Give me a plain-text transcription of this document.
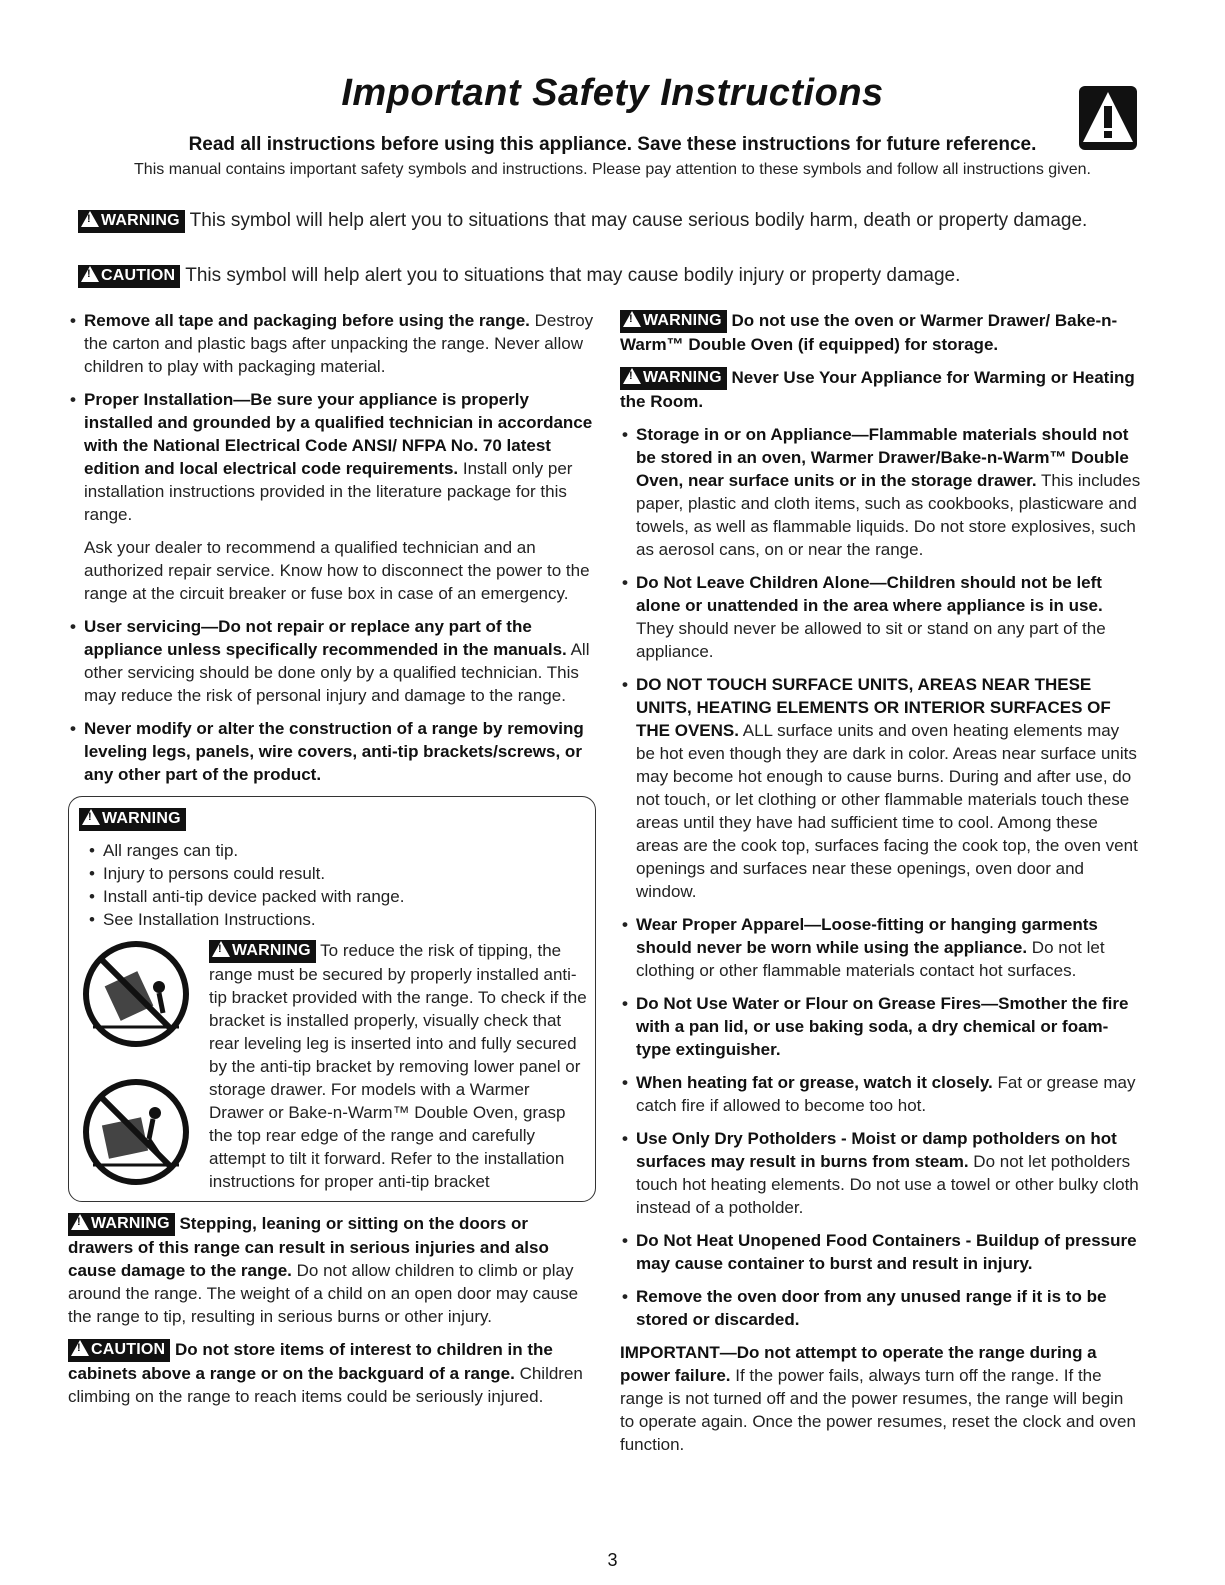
Important Safety Instructions
Read all instructions before using this appliance. Save these instructions for future reference.
This manual contains important safety symbols and instructions. Please pay attention to these symbols and follow all instructions given.
!WARNING This symbol will help alert you to situations that may cause serious bodily harm, death or property damage.
!CAUTION This symbol will help alert you to situations that may cause bodily injury or property damage.
• Remove all tape and packaging before using the range. Destroy the carton and plastic bags after unpacking the range. Never allow children to play with packaging material.
• Proper Installation—Be sure your appliance is properly installed and grounded by a qualified technician in accordance with the National Electrical Code ANSI/ NFPA No. 70 latest edition and local electrical code requirements. Install only per installation instructions provided in the literature package for this range.

Ask your dealer to recommend a qualified technician and an authorized repair service. Know how to disconnect the power to the range at the circuit breaker or fuse box in case of an emergency.

• User servicing—Do not repair or replace any part of the appliance unless specifically recommended in the manuals. All other servicing should be done only by a qualified technician. This may reduce the risk of personal injury and damage to the range.
• Never modify or alter the construction of a range by removing leveling legs, panels, wire covers, anti-tip brackets/screws, or any other part of the product.
!WARNING
• All ranges can tip.
• Injury to persons could result.
• Install anti-tip device packed with range.
• See Installation Instructions.
!WARNING To reduce the risk of tipping, the range must be secured by properly installed anti-tip bracket provided with the range. To check if the bracket is installed properly, visually check that rear leveling leg is inserted into and fully secured by the anti-tip bracket by removing lower panel or storage drawer. For models with a Warmer Drawer or Bake-n-Warm™ Double Oven, grasp the top rear edge of the range and carefully attempt to tilt it forward. Refer to the installation instructions for proper anti-tip bracket

!WARNING Stepping, leaning or sitting on the doors or drawers of this range can result in serious injuries and also cause damage to the range. Do not allow children to climb or play around the range. The weight of a child on an open door may cause the range to tip, resulting in serious burns or other injury.

!CAUTION Do not store items of interest to children in the cabinets above a range or on the backguard of a range. Children climbing on the range to reach items could be seriously injured.

!WARNING Do not use the oven or Warmer Drawer/ Bake-n-Warm™ Double Oven (if equipped) for storage.

!WARNING Never Use Your Appliance for Warming or Heating the Room.

• Storage in or on Appliance—Flammable materials should not be stored in an oven, Warmer Drawer/Bake-n-Warm™ Double Oven, near surface units or in the storage drawer. This includes paper, plastic and cloth items, such as cookbooks, plasticware and towels, as well as flammable liquids. Do not store explosives, such as aerosol cans, on or near the range.
• Do Not Leave Children Alone—Children should not be left alone or unattended in the area where appliance is in use. They should never be allowed to sit or stand on any part of the appliance.
• DO NOT TOUCH SURFACE UNITS, AREAS NEAR THESE UNITS, HEATING ELEMENTS OR INTERIOR SURFACES OF THE OVENS. ALL surface units and oven heating elements may be hot even though they are dark in color. Areas near surface units may become hot enough to cause burns. During and after use, do not touch, or let clothing or other flammable materials touch these areas until they have had sufficient time to cool. Among these areas are the cook top, surfaces facing the cook top, the oven vent openings and surfaces near these openings, oven door and window.
• Wear Proper Apparel—Loose-fitting or hanging garments should never be worn while using the appliance. Do not let clothing or other flammable materials contact hot surfaces.
• Do Not Use Water or Flour on Grease Fires—Smother the fire with a pan lid, or use baking soda, a dry chemical or foam-type extinguisher.
• When heating fat or grease, watch it closely. Fat or grease may catch fire if allowed to become too hot.
• Use Only Dry Potholders - Moist or damp potholders on hot surfaces may result in burns from steam. Do not let potholders touch hot heating elements. Do not use a towel or other bulky cloth instead of a potholder.
• Do Not Heat Unopened Food Containers - Buildup of pressure may cause container to burst and result in injury.
• Remove the oven door from any unused range if it is to be stored or discarded.

IMPORTANT—Do not attempt to operate the range during a power failure. If the power fails, always turn off the range. If the range is not turned off and the power resumes, the range will begin to operate again. Once the power resumes, reset the clock and oven function.

3
